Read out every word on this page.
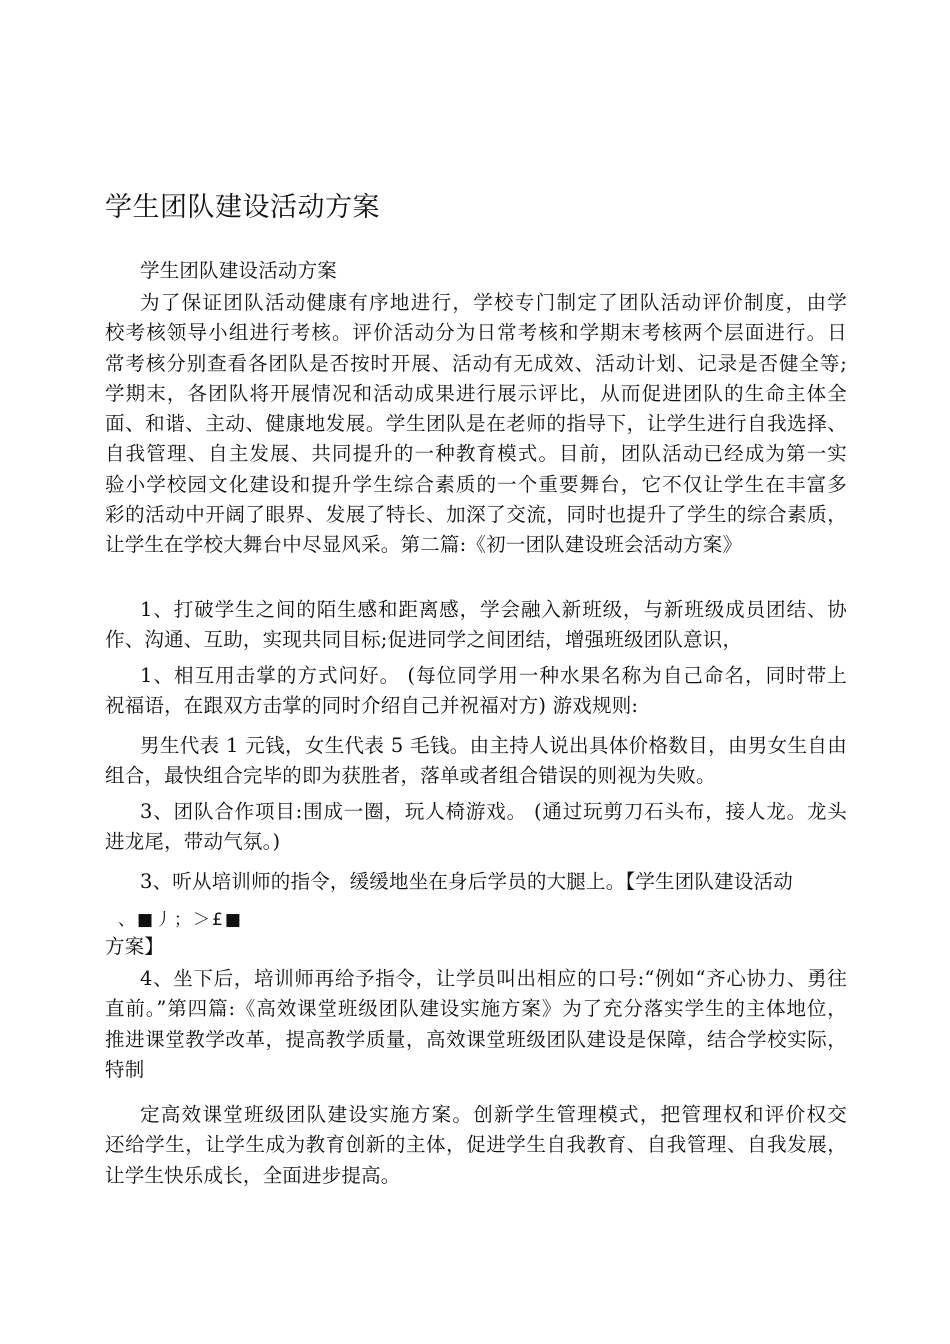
学生团队建设活动方案
学生团队建设活动方案
为了保证团队活动健康有序地进行，学校专门制定了团队活动评价制度，由学
校考核领导小组进行考核。评价活动分为日常考核和学期末考核两个层面进行。日
常考核分别查看各团队是否按时开展、活动有无成效、活动计划、记录是否健全等;
学期末，各团队将开展情况和活动成果进行展示评比，从而促进团队的生命主体全
面、和谐、主动、健康地发展。学生团队是在老师的指导下，让学生进行自我选择、
自我管理、自主发展、共同提升的一种教育模式。目前，团队活动已经成为第一实
验小学校园文化建设和提升学生综合素质的一个重要舞台，它不仅让学生在丰富多
彩的活动中开阔了眼界、发展了特长、加深了交流，同时也提升了学生的综合素质，
让学生在学校大舞台中尽显风采。第二篇:《初一团队建设班会活动方案》
1、打破学生之间的陌生感和距离感，学会融入新班级，与新班级成员团结、协
作、沟通、互助，实现共同目标;促进同学之间团结，增强班级团队意识，
1、相互用击掌的方式问好。 (每位同学用一种水果名称为自己命名，同时带上
祝福语，在跟双方击掌的同时介绍自己并祝福对方) 游戏规则:
男生代表 1 元钱，女生代表 5 毛钱。由主持人说出具体价格数目，由男女生自由
组合，最快组合完毕的即为获胜者，落单或者组合错误的则视为失败。
3、团队合作项目:围成一圈，玩人椅游戏。 (通过玩剪刀石头布，接人龙。龙头
进龙尾，带动气氛。)
3、听从培训师的指令，缓缓地坐在身后学员的大腿上。【学生团队建设活动
、■丿；＞£■
方案】
4、坐下后，培训师再给予指令，让学员叫出相应的口号:“例如“齐心协力、勇往
直前。”第四篇:《高效课堂班级团队建设实施方案》为了充分落实学生的主体地位，
推进课堂教学改革，提高教学质量，高效课堂班级团队建设是保障，结合学校实际，
特制
定高效课堂班级团队建设实施方案。创新学生管理模式，把管理权和评价权交
还给学生，让学生成为教育创新的主体，促进学生自我教育、自我管理、自我发展，
让学生快乐成长，全面进步提高。
